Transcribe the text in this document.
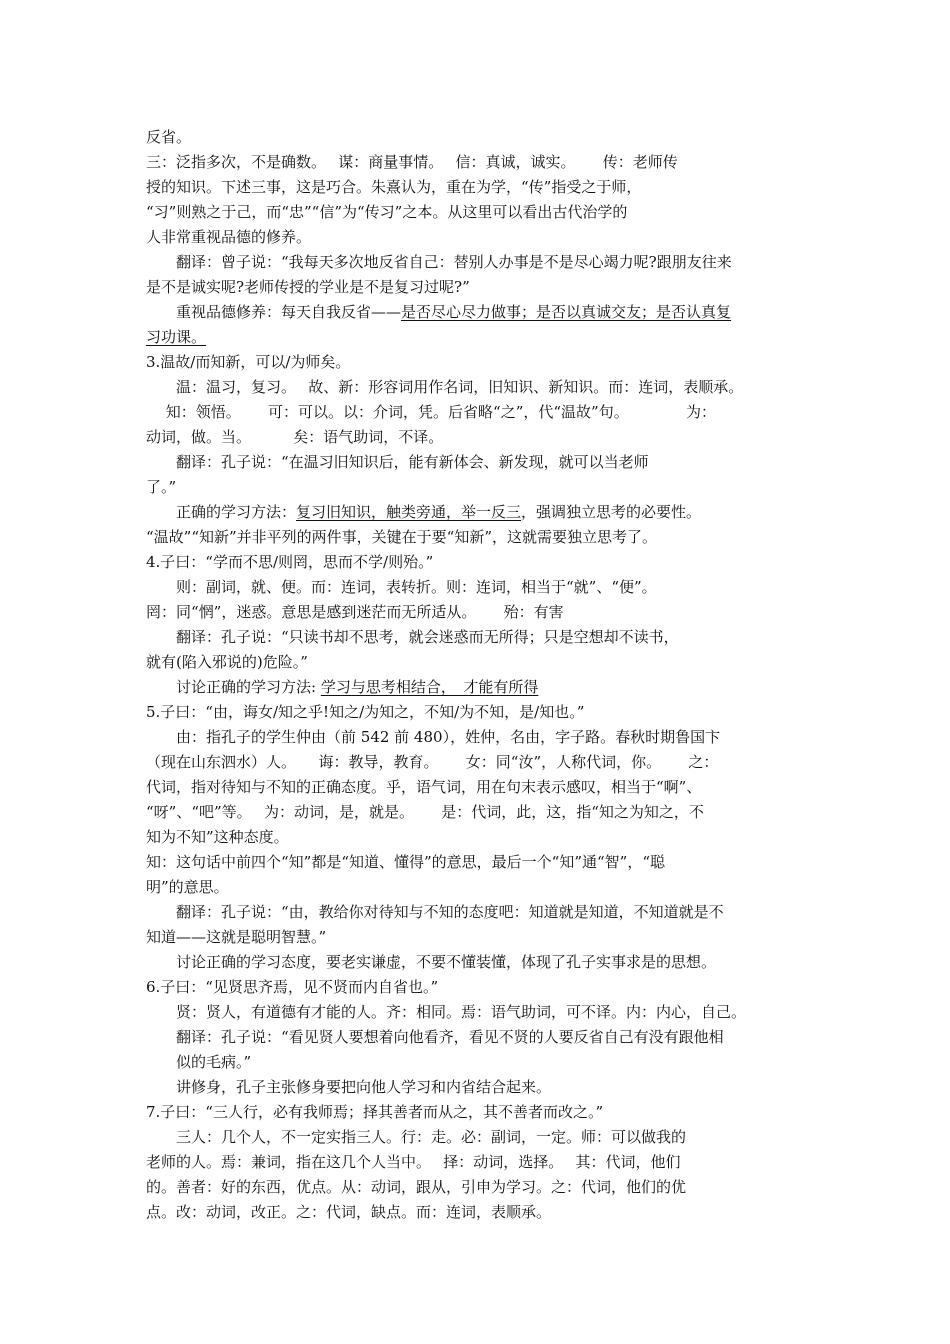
反省。
三：泛指多次，不是确数。　 谋：商量事情。　 信：真诚，诚实。　　 传：老师传
授的知识。下述三事，这是巧合。朱熹认为，重在为学，“传”指受之于师，
“习”则熟之于己，而“忠”“信”为“传习”之本。从这里可以看出古代治学的
人非常重视品德的修养。
　　翻译：曾子说：“我每天多次地反省自己：替别人办事是不是尽心竭力呢?跟朋友往来
是不是诚实呢?老师传授的学业是不是复习过呢?”
　　重视品德修养：每天自我反省——是否尽心尽力做事；是否以真诚交友；是否认真复
习功课。
3.温故/而知新，可以/为师矣。
　　温：温习，复习。　 故、新：形容词用作名词，旧知识、新知识。而：连词，表顺承。
　 知：领悟。　　 可：可以。以：介词，凭。后省略“之”，代“温故”句。　　　　 为：
动词，做。当。　　　 矣：语气助词，不译。
　　翻译：孔子说：“在温习旧知识后，能有新体会、新发现，就可以当老师
了。”
　　正确的学习方法：复习旧知识，触类旁通，举一反三，强调独立思考的必要性。
“温故”“知新”并非平列的两件事，关键在于要“知新”，这就需要独立思考了。
4.子曰：“学而不思/则罔，思而不学/则殆。”
　　则：副词，就、便。而：连词，表转折。则：连词，相当于“就”、“便”。
罔：同“惘”，迷惑。意思是感到迷茫而无所适从。　　 殆：有害
　　翻译：孔子说：“只读书却不思考，就会迷惑而无所得；只是空想却不读书，
就有(陷入邪说的)危险。”
　　讨论正确的学习方法: 学习与思考相结合，　才能有所得
5.子曰：“由，诲女/知之乎!知之/为知之，不知/为不知，是/知也。”
　　由：指孔子的学生仲由（前 542 前 480），姓仲，名由，字子路。春秋时期鲁国卞
（现在山东泗水）人。　　诲：教导，教育。　　 女：同“汝”，人称代词，你。　　 之：
代词，指对待知与不知的正确态度。乎，语气词，用在句末表示感叹，相当于“啊”、
“呀”、“吧”等。　 为：动词，是，就是。　　 是：代词，此，这，指“知之为知之，不
知为不知”这种态度。
知：这句话中前四个“知”都是“知道、懂得”的意思，最后一个“知”通“智”，“聪
明”的意思。
　　翻译：孔子说：“由，教给你对待知与不知的态度吧：知道就是知道，不知道就是不
知道——这就是聪明智慧。”
　　讨论正确的学习态度，要老实谦虚，不要不懂装懂，体现了孔子实事求是的思想。
6.子曰：“见贤思齐焉，见不贤而内自省也。”
　　贤：贤人，有道德有才能的人。齐：相同。焉：语气助词，可不译。内：内心，自己。
　　翻译：孔子说：“看见贤人要想着向他看齐，看见不贤的人要反省自己有没有跟他相
　　似的毛病。”
　　讲修身，孔子主张修身要把向他人学习和内省结合起来。
7.子曰：“三人行，必有我师焉；择其善者而从之，其不善者而改之。”
　　三人：几个人，不一定实指三人。行：走。必：副词，一定。师：可以做我的
老师的人。焉：兼词，指在这几个人当中。　 择：动词，选择。　 其：代词，他们
的。善者：好的东西，优点。从：动词，跟从，引申为学习。之：代词，他们的优
点。改：动词，改正。之：代词，缺点。而：连词，表顺承。
